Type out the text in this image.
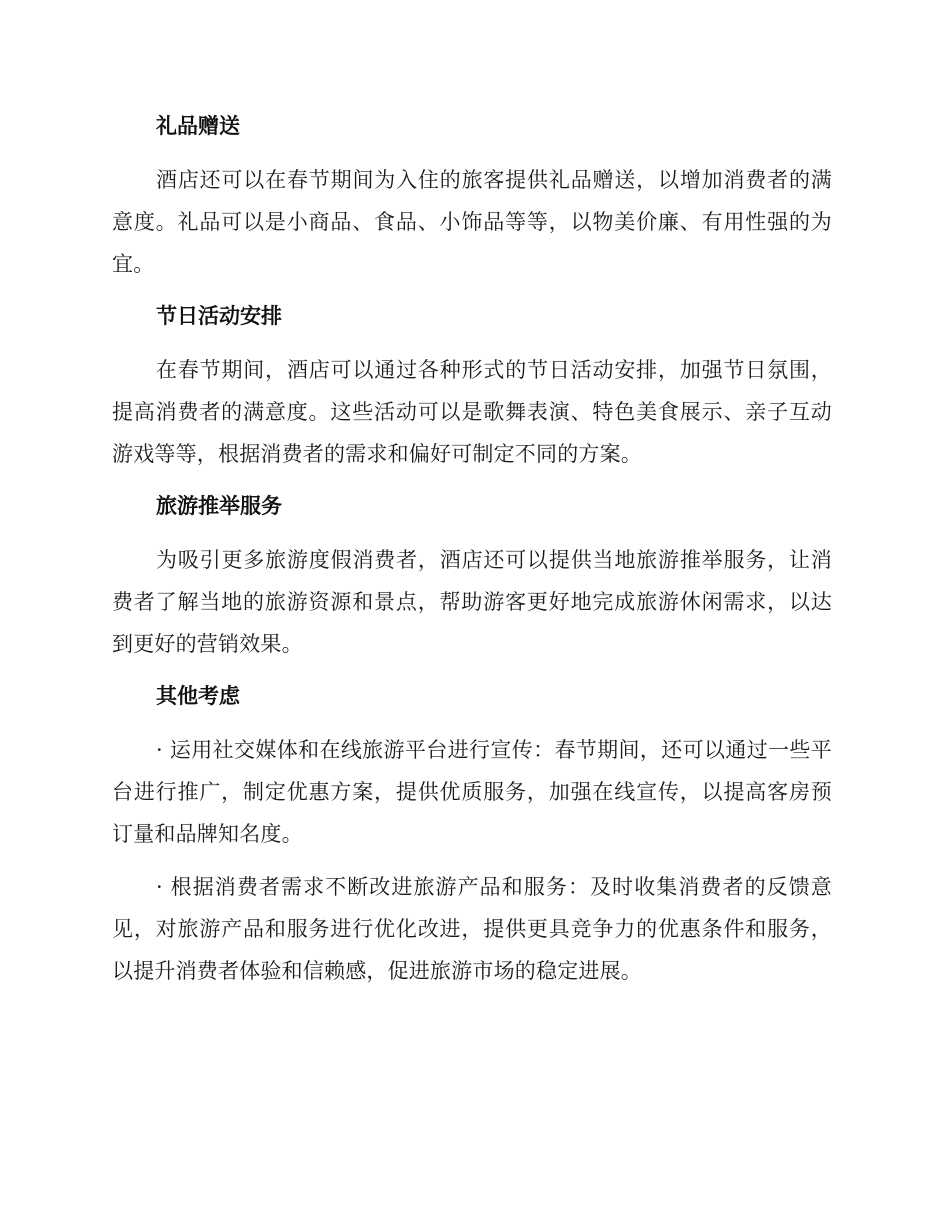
礼品赠送

酒店还可以在春节期间为入住的旅客提供礼品赠送，以增加消费者的满意度。礼品可以是小商品、食品、小饰品等等，以物美价廉、有用性强的为宜。

节日活动安排

在春节期间，酒店可以通过各种形式的节日活动安排，加强节日氛围，提高消费者的满意度。这些活动可以是歌舞表演、特色美食展示、亲子互动游戏等等，根据消费者的需求和偏好可制定不同的方案。

旅游推举服务

为吸引更多旅游度假消费者，酒店还可以提供当地旅游推举服务，让消费者了解当地的旅游资源和景点，帮助游客更好地完成旅游休闲需求，以达到更好的营销效果。

其他考虑

· 运用社交媒体和在线旅游平台进行宣传：春节期间，还可以通过一些平台进行推广，制定优惠方案，提供优质服务，加强在线宣传，以提高客房预订量和品牌知名度。

· 根据消费者需求不断改进旅游产品和服务：及时收集消费者的反馈意见，对旅游产品和服务进行优化改进，提供更具竞争力的优惠条件和服务，以提升消费者体验和信赖感，促进旅游市场的稳定进展。
